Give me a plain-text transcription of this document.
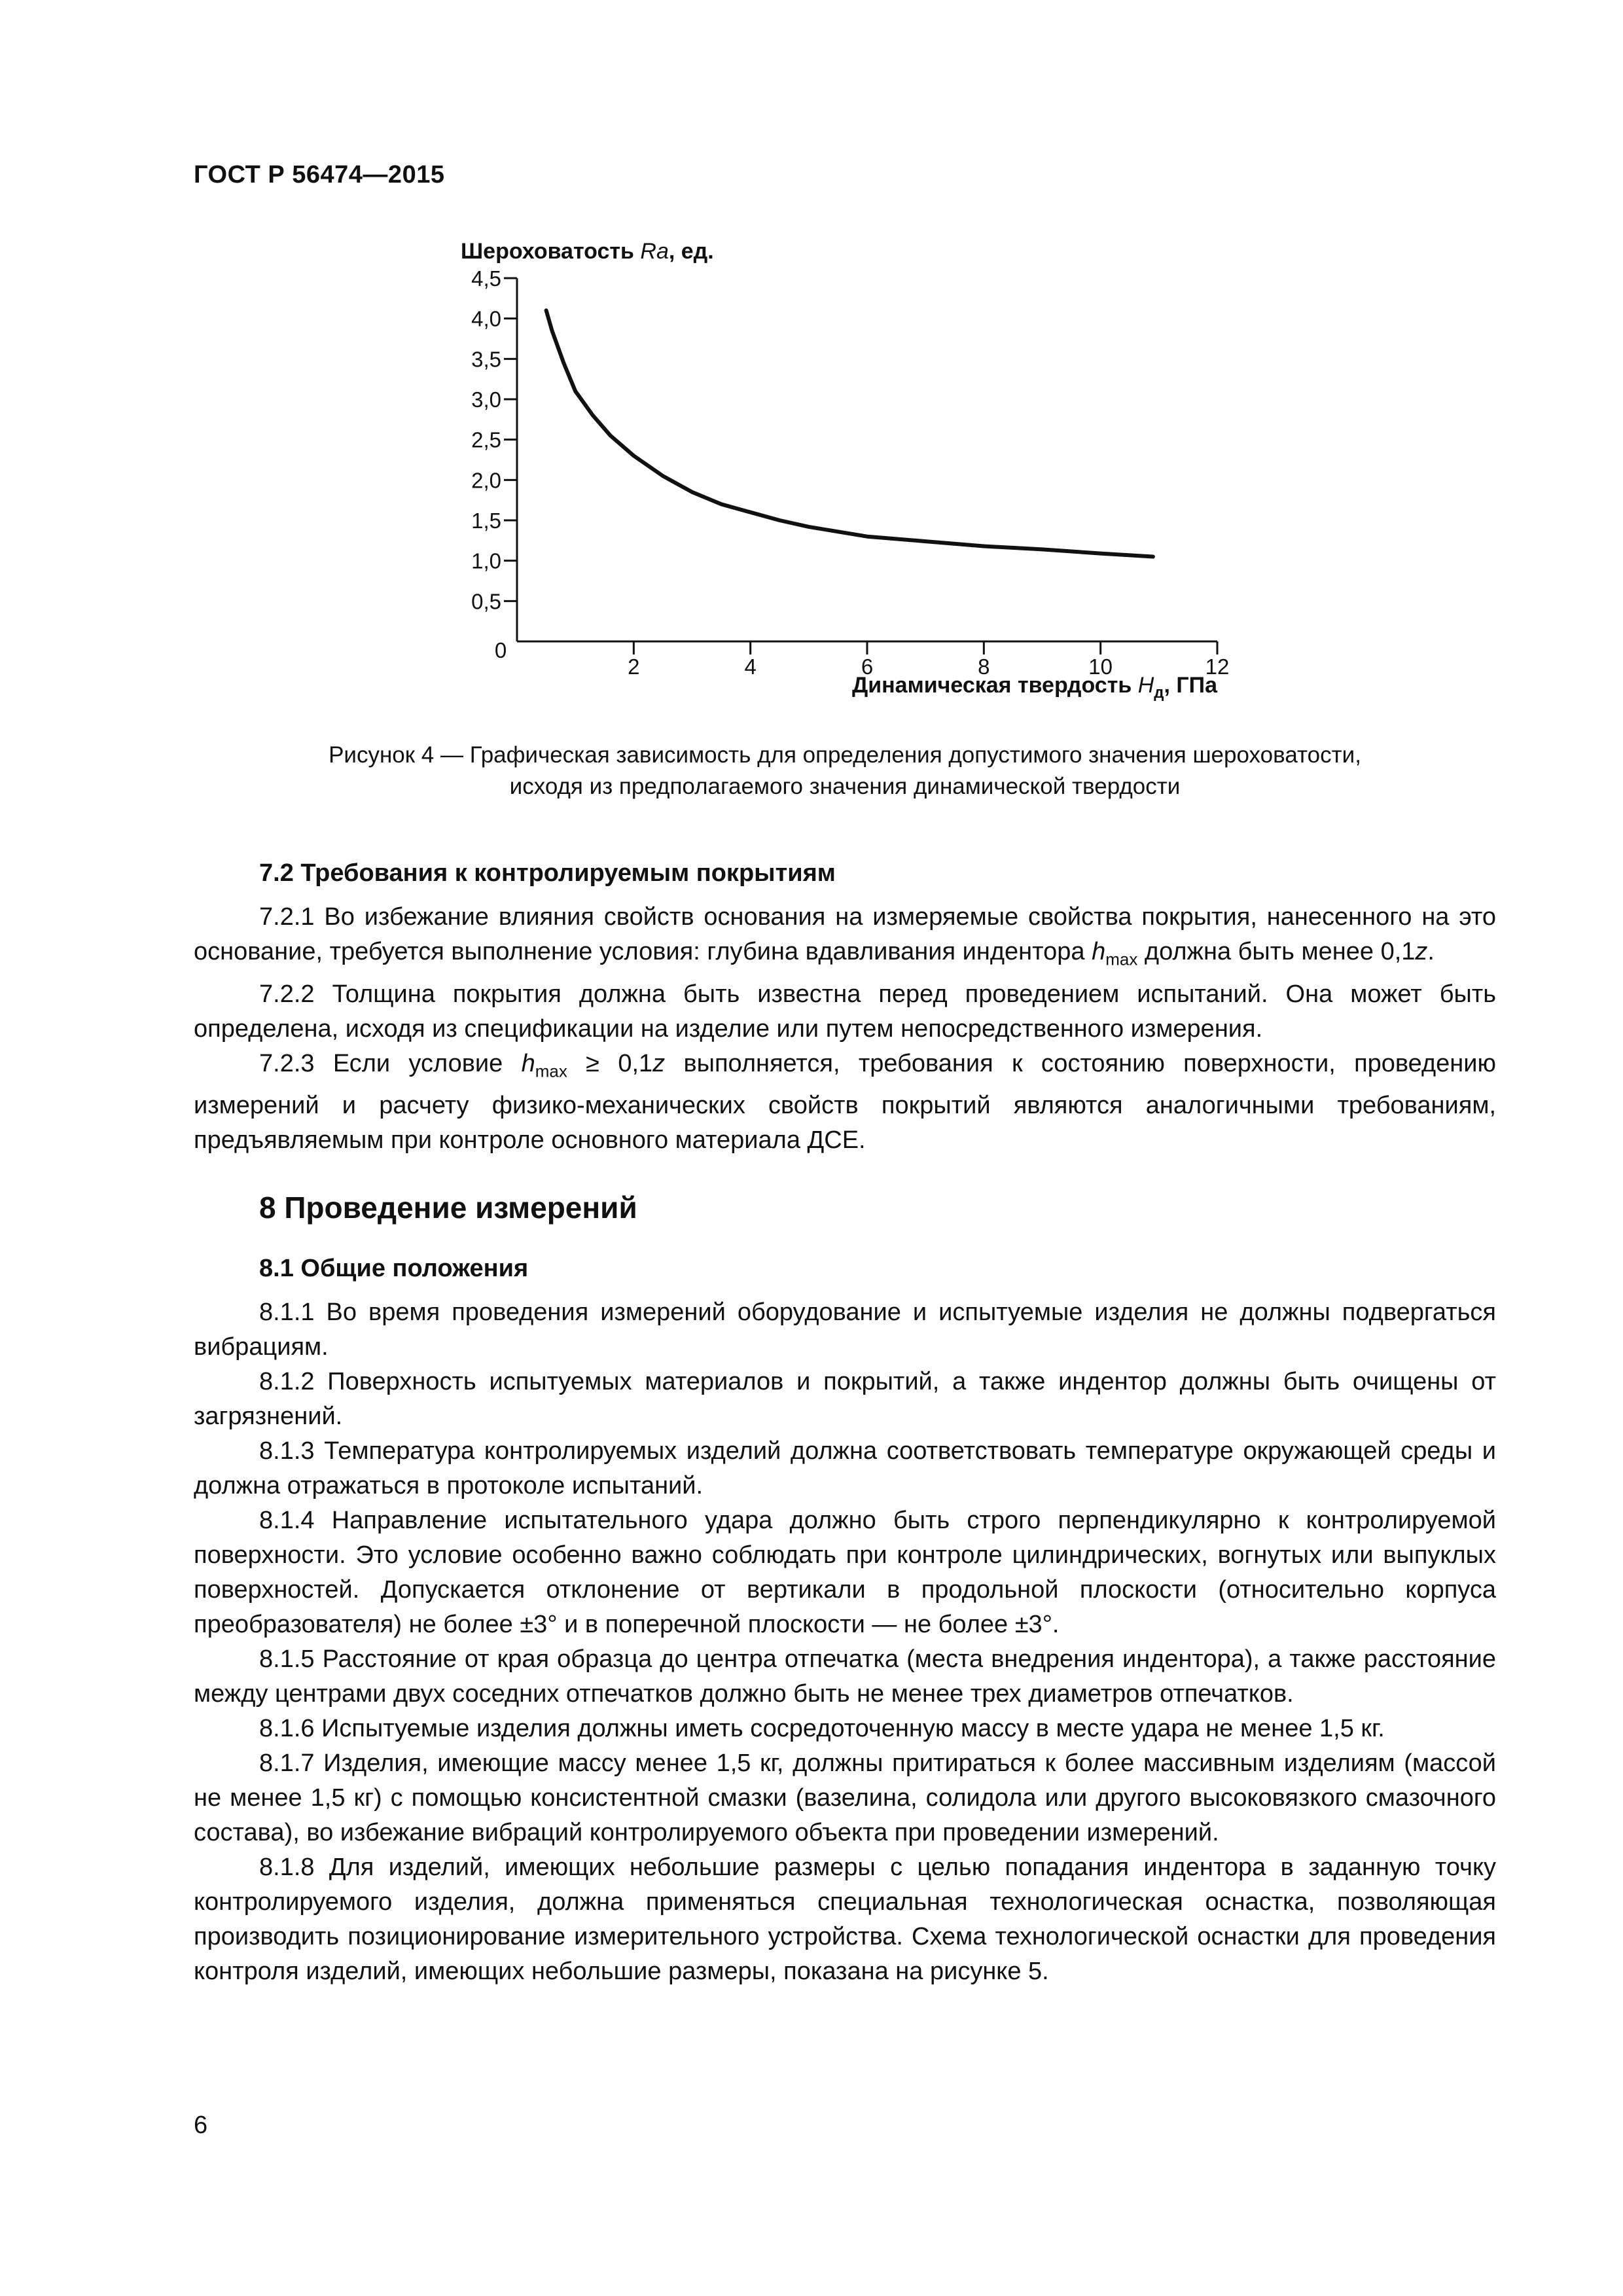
ГОСТ Р 56474—2015
Шероховатость Ra, ед.
0,5
1,0
1,5
2,0
2,5
3,0
3,5
4,0
4,5
2	4	6	8	10	12
0
Динамическая твердость $H_д$, ГПа
Рисунок 4 — Графическая зависимость для определения допустимого значения шероховатости,
исходя из предполагаемого значения динамической твердости
7.2 Требования к контролируемым покрытиям

7.2.1 Во избежание влияния свойств основания на измеряемые свойства покрытия, нанесенного на это основание, требуется выполнение условия: глубина вдавливания индентора $h_{max}$ должна быть менее 0,1z.

7.2.2 Толщина покрытия должна быть известна перед проведением испытаний. Она может быть определена, исходя из спецификации на изделие или путем непосредственного измерения.

7.2.3 Если условие $h_{max} \ge 0,1z$ выполняется, требования к состоянию поверхности, проведению измерений и расчету физико-механических свойств покрытий являются аналогичными требованиям, предъявляемым при контроле основного материала ДСЕ.

8 Проведение измерений
8.1 Общие положения

8.1.1 Во время проведения измерений оборудование и испытуемые изделия не должны подвергаться вибрациям.

8.1.2 Поверхность испытуемых материалов и покрытий, а также индентор должны быть очищены от загрязнений.

8.1.3 Температура контролируемых изделий должна соответствовать температуре окружающей среды и должна отражаться в протоколе испытаний.

8.1.4 Направление испытательного удара должно быть строго перпендикулярно к контролируемой поверхности. Это условие особенно важно соблюдать при контроле цилиндрических, вогнутых или выпуклых поверхностей. Допускается отклонение от вертикали в продольной плоскости (относительно корпуса преобразователя) не более ±3° и в поперечной плоскости — не более ±3°.

8.1.5 Расстояние от края образца до центра отпечатка (места внедрения индентора), а также расстояние между центрами двух соседних отпечатков должно быть не менее трех диаметров отпечатков.

8.1.6 Испытуемые изделия должны иметь сосредоточенную массу в месте удара не менее 1,5 кг.

8.1.7 Изделия, имеющие массу менее 1,5 кг, должны притираться к более массивным изделиям (массой не менее 1,5 кг) с помощью консистентной смазки (вазелина, солидола или другого высоковязкого смазочного состава), во избежание вибраций контролируемого объекта при проведении измерений.

8.1.8 Для изделий, имеющих небольшие размеры с целью попадания индентора в заданную точку контролируемого изделия, должна применяться специальная технологическая оснастка, позволяющая производить позиционирование измерительного устройства. Схема технологической оснастки для проведения контроля изделий, имеющих небольшие размеры, показана на рисунке 5.

6
